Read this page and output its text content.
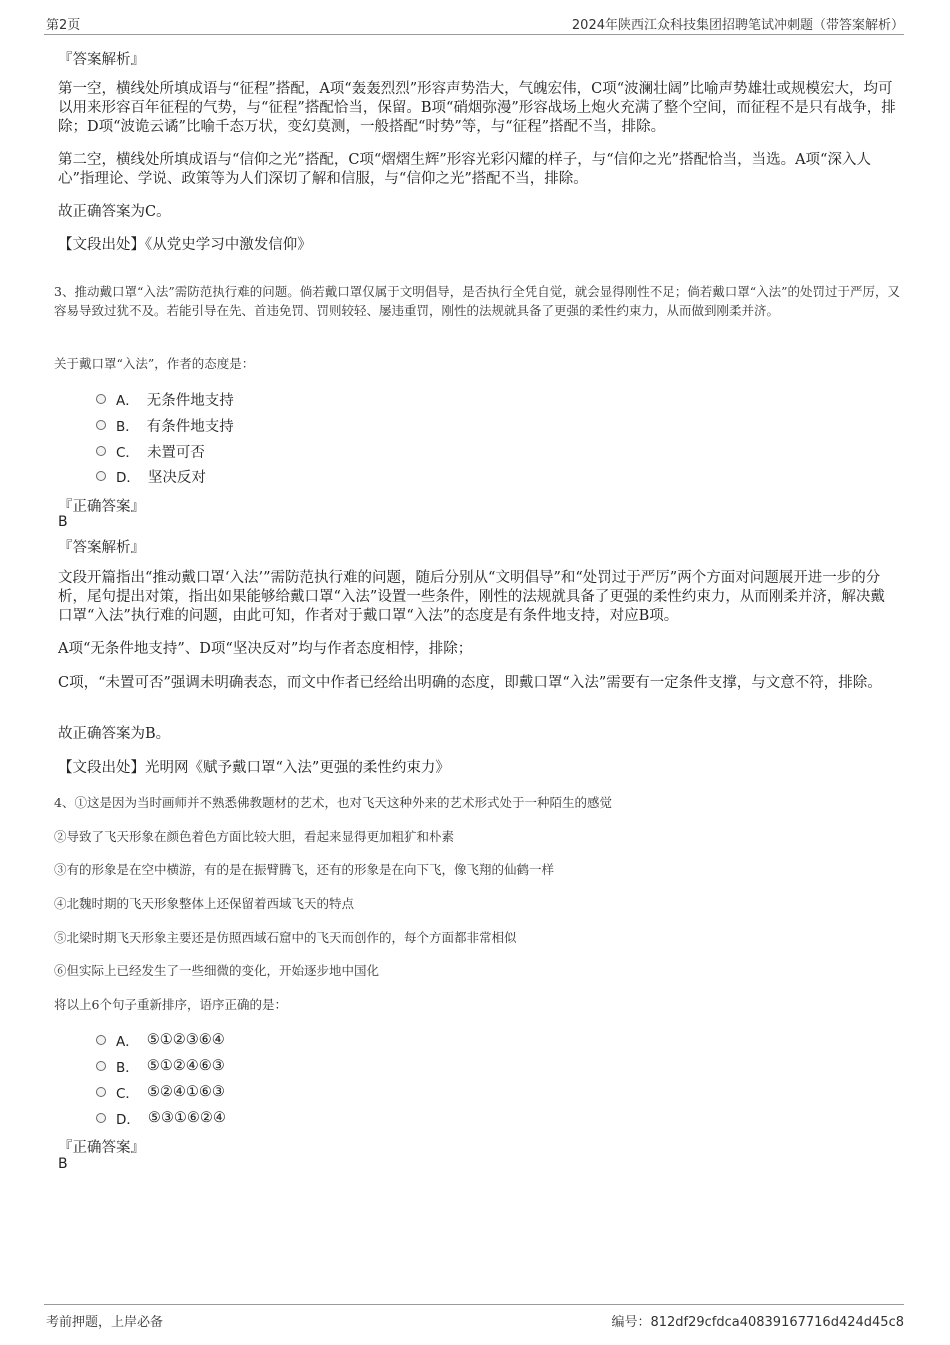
第2页	2024年陕西江众科技集团招聘笔试冲刺题（带答案解析）
『答案解析』

第一空，横线处所填成语与“征程”搭配，A项“轰轰烈烈”形容声势浩大，气魄宏伟，C项“波澜壮阔”比喻声势雄壮或规模宏大，均可以用来形容百年征程的气势，与“征程”搭配恰当，保留。B项“硝烟弥漫”形容战场上炮火充满了整个空间，而征程不是只有战争，排除；D项“波诡云谲”比喻千态万状，变幻莫测，一般搭配“时势”等，与“征程”搭配不当，排除。

第二空，横线处所填成语与“信仰之光”搭配，C项“熠熠生辉”形容光彩闪耀的样子，与“信仰之光”搭配恰当，当选。A项“深入人心”指理论、学说、政策等为人们深切了解和信服，与“信仰之光”搭配不当，排除。

故正确答案为C。

【文段出处】《从党史学习中激发信仰》

3、推动戴口罩“入法”需防范执行难的问题。倘若戴口罩仅属于文明倡导，是否执行全凭自觉，就会显得刚性不足；倘若戴口罩“入法”的处罚过于严厉，又容易导致过犹不及。若能引导在先、首违免罚、罚则较轻、屡违重罚，刚性的法规就具备了更强的柔性约束力，从而做到刚柔并济。

关于戴口罩“入法”，作者的态度是：

A． 无条件地支持
B． 有条件地支持
C． 未置可否
D． 坚决反对
『正确答案』
B
『答案解析』

文段开篇指出“推动戴口罩‘入法’”需防范执行难的问题，随后分别从“文明倡导”和“处罚过于严厉”两个方面对问题展开进一步的分析，尾句提出对策，指出如果能够给戴口罩“入法”设置一些条件，刚性的法规就具备了更强的柔性约束力，从而刚柔并济，解决戴口罩“入法”执行难的问题，由此可知，作者对于戴口罩“入法”的态度是有条件地支持，对应B项。

A项“无条件地支持”、D项“坚决反对”均与作者态度相悖，排除；

C项，“未置可否”强调未明确表态，而文中作者已经给出明确的态度，即戴口罩“入法”需要有一定条件支撑，与文意不符，排除。

故正确答案为B。

【文段出处】光明网《赋予戴口罩“入法”更强的柔性约束力》

4、①这是因为当时画师并不熟悉佛教题材的艺术，也对飞天这种外来的艺术形式处于一种陌生的感觉

②导致了飞天形象在颜色着色方面比较大胆，看起来显得更加粗犷和朴素

③有的形象是在空中横游，有的是在振臂腾飞，还有的形象是在向下飞，像飞翔的仙鹤一样

④北魏时期的飞天形象整体上还保留着西域飞天的特点

⑤北梁时期飞天形象主要还是仿照西域石窟中的飞天而创作的，每个方面都非常相似

⑥但实际上已经发生了一些细微的变化，开始逐步地中国化

将以上6个句子重新排序，语序正确的是：

A． ⑤①②③⑥④
B． ⑤①②④⑥③
C． ⑤②④①⑥③
D． ⑤③①⑥②④
『正确答案』
B
考前押题，上岸必备	编号：812df29cfdca40839167716d424d45c8
